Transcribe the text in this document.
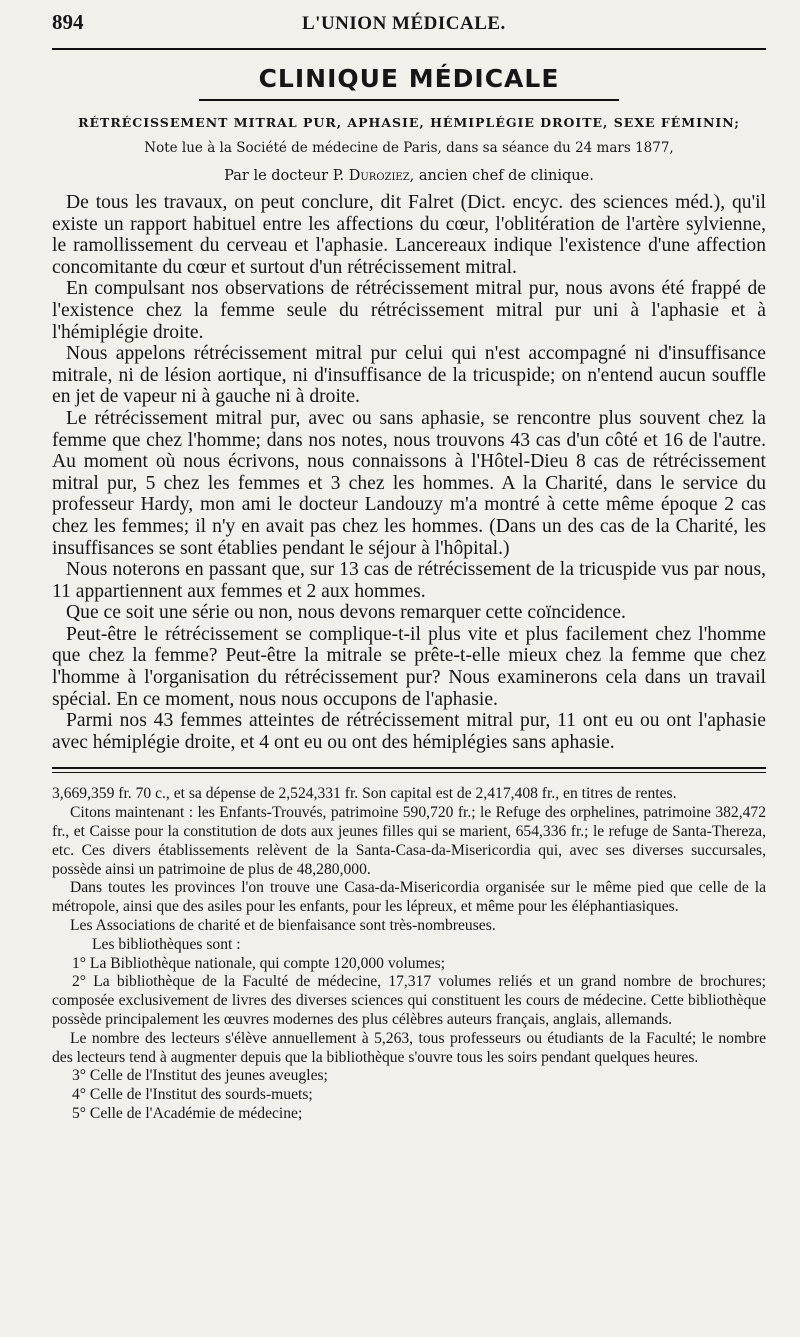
894	L'UNION MÉDICALE.
CLINIQUE MÉDICALE
RÉTRÉCISSEMENT MITRAL PUR, APHASIE, HÉMIPLÉGIE DROITE, SEXE FÉMININ;
Note lue à la Société de médecine de Paris, dans sa séance du 24 mars 1877,
Par le docteur P. Duroziez, ancien chef de clinique.

De tous les travaux, on peut conclure, dit Falret (Dict. encyc. des sciences méd.), qu'il existe un rapport habituel entre les affections du cœur, l'oblitération de l'artère sylvienne, le ramollissement du cerveau et l'aphasie. Lancereaux indique l'existence d'une affection concomitante du cœur et surtout d'un rétrécissement mitral.

En compulsant nos observations de rétrécissement mitral pur, nous avons été frappé de l'existence chez la femme seule du rétrécissement mitral pur uni à l'aphasie et à l'hémiplégie droite.

Nous appelons rétrécissement mitral pur celui qui n'est accompagné ni d'insuffisance mitrale, ni de lésion aortique, ni d'insuffisance de la tricuspide; on n'entend aucun souffle en jet de vapeur ni à gauche ni à droite.

Le rétrécissement mitral pur, avec ou sans aphasie, se rencontre plus souvent chez la femme que chez l'homme; dans nos notes, nous trouvons 43 cas d'un côté et 16 de l'autre. Au moment où nous écrivons, nous connaissons à l'Hôtel-Dieu 8 cas de rétrécissement mitral pur, 5 chez les femmes et 3 chez les hommes. A la Charité, dans le service du professeur Hardy, mon ami le docteur Landouzy m'a montré à cette même époque 2 cas chez les femmes; il n'y en avait pas chez les hommes. (Dans un des cas de la Charité, les insuffisances se sont établies pendant le séjour à l'hôpital.)

Nous noterons en passant que, sur 13 cas de rétrécissement de la tricuspide vus par nous, 11 appartiennent aux femmes et 2 aux hommes.

Que ce soit une série ou non, nous devons remarquer cette coïncidence.

Peut-être le rétrécissement se complique-t-il plus vite et plus facilement chez l'homme que chez la femme? Peut-être la mitrale se prête-t-elle mieux chez la femme que chez l'homme à l'organisation du rétrécissement pur? Nous examinerons cela dans un travail spécial. En ce moment, nous nous occupons de l'aphasie.

Parmi nos 43 femmes atteintes de rétrécissement mitral pur, 11 ont eu ou ont l'aphasie avec hémiplégie droite, et 4 ont eu ou ont des hémiplégies sans aphasie.

3,669,359 fr. 70 c., et sa dépense de 2,524,331 fr. Son capital est de 2,417,408 fr., en titres de rentes.

Citons maintenant : les Enfants-Trouvés, patrimoine 590,720 fr.; le Refuge des orphelines, patrimoine 382,472 fr., et Caisse pour la constitution de dots aux jeunes filles qui se marient, 654,336 fr.; le refuge de Santa-Thereza, etc. Ces divers établissements relèvent de la Santa-Casa-da-Misericordia qui, avec ses diverses succursales, possède ainsi un patrimoine de plus de 48,280,000.

Dans toutes les provinces l'on trouve une Casa-da-Misericordia organisée sur le même pied que celle de la métropole, ainsi que des asiles pour les enfants, pour les lépreux, et même pour les éléphantiasiques.

Les Associations de charité et de bienfaisance sont très-nombreuses.

Les bibliothèques sont :

1° La Bibliothèque nationale, qui compte 120,000 volumes;

2° La bibliothèque de la Faculté de médecine, 17,317 volumes reliés et un grand nombre de brochures; composée exclusivement de livres des diverses sciences qui constituent les cours de médecine. Cette bibliothèque possède principalement les œuvres modernes des plus célèbres auteurs français, anglais, allemands.

Le nombre des lecteurs s'élève annuellement à 5,263, tous professeurs ou étudiants de la Faculté; le nombre des lecteurs tend à augmenter depuis que la bibliothèque s'ouvre tous les soirs pendant quelques heures.

3° Celle de l'Institut des jeunes aveugles;

4° Celle de l'Institut des sourds-muets;

5° Celle de l'Académie de médecine;
